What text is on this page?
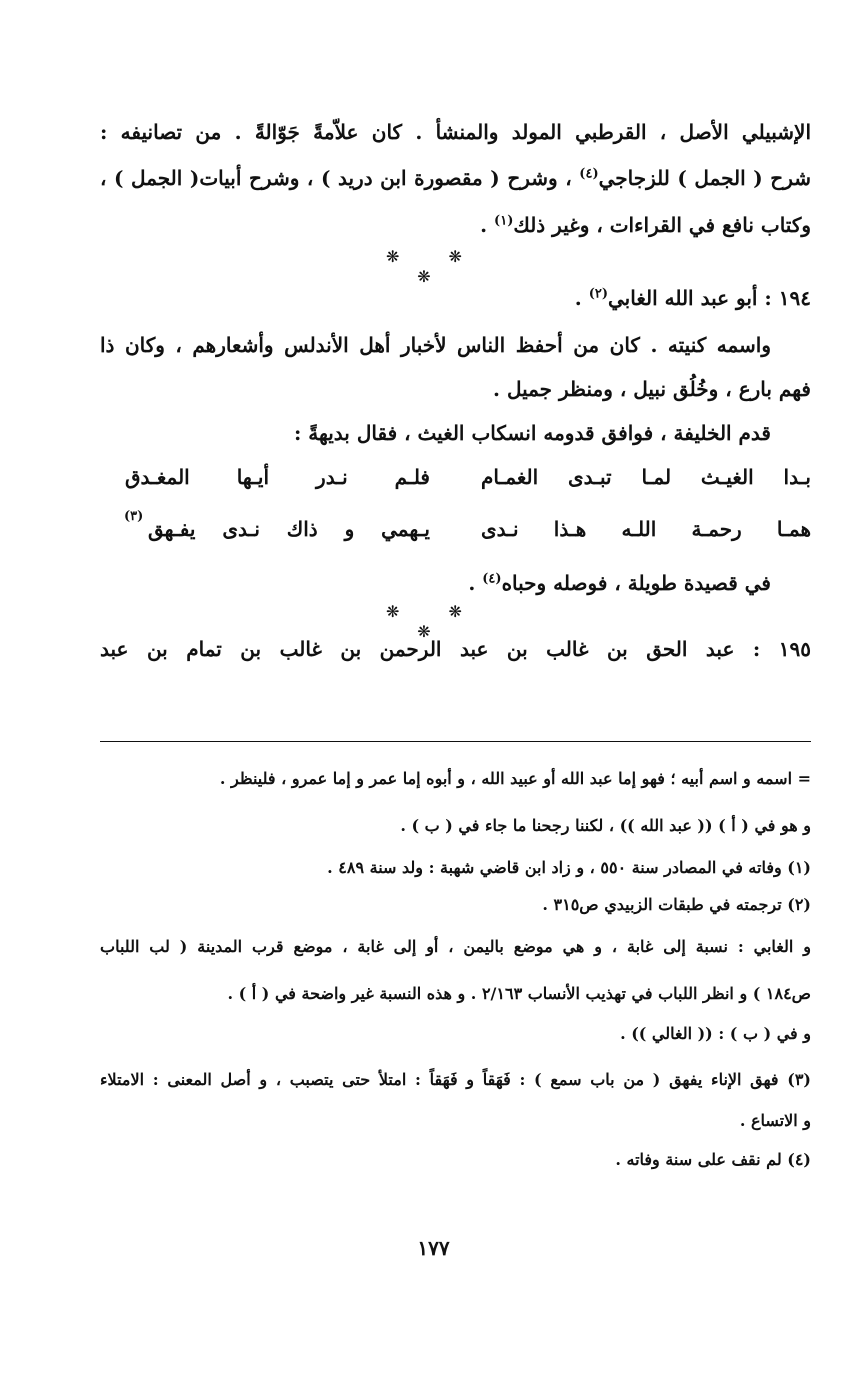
الإشبيلي الأصل ، القرطبي المولد والمنشأ . كان علاّمةً جَوّالةً . من تصانيفه :
شرح ( الجمل ) للزجاجي$^{(٤)}$ ، وشرح ( مقصورة ابن دريد ) ، وشرح أبيات( الجمل ) ،
وكتاب نافع في القراءات ، وغير ذلك$^{(١)}$ .
❋ ❋ ❋
١٩٤ : أبو عبد الله الغابي$^{(٢)}$ .
واسمه كنيته . كان من أحفظ الناس لأخبار أهل الأندلس وأشعارهم ، وكان ذا
فهم بارع ، وخُلُق نبيل ، ومنظر جميل .
قدم الخليفة ، فوافق قدومه انسكاب الغيث ، فقال بديهةً :
بـدا الغيـث لمـا تبـدى الغمـام
فلـم نـدر أيـها المغـدق
همـا رحمـة اللـه هـذا نـدى
يـهمي و ذاك نـدى يفـهق
(٣)
في قصيدة طويلة ، فوصله وحباه$^{(٤)}$ .
❋ ❋ ❋
١٩٥ : عبد الحق بن غالب بن عبد الرحمن بن غالب بن تمام بن عبد
= اسمه و اسم أبيه ؛ فهو إما عبد الله أو عبيد الله ، و أبوه إما عمر و إما عمرو ، فلينظر .
و هو في ( أ ) (( عبد الله )) ، لكننا رجحنا ما جاء في ( ب ) .
(١) وفاته في المصادر سنة ٥٥٠ ، و زاد ابن قاضي شهبة : ولد سنة ٤٨٩ .
(٢) ترجمته في طبقات الزبيدي ص٣١٥ .
و الغابي : نسبة إلى غابة ، و هي موضع باليمن ، أو إلى غابة ، موضع قرب المدينة ( لب اللباب
ص١٨٤ ) و انظر اللباب في تهذيب الأنساب ٢/١٦٣ . و هذه النسبة غير واضحة في ( أ ) .
و في ( ب ) : (( الغالي )) .
(٣) فهق الإناء يفهق ( من باب سمع ) : فَهَقاً و فَهَقاً : امتلأ حتى يتصبب ، و أصل المعنى : الامتلاء
و الاتساع .
(٤) لم نقف على سنة وفاته .
١٧٧
